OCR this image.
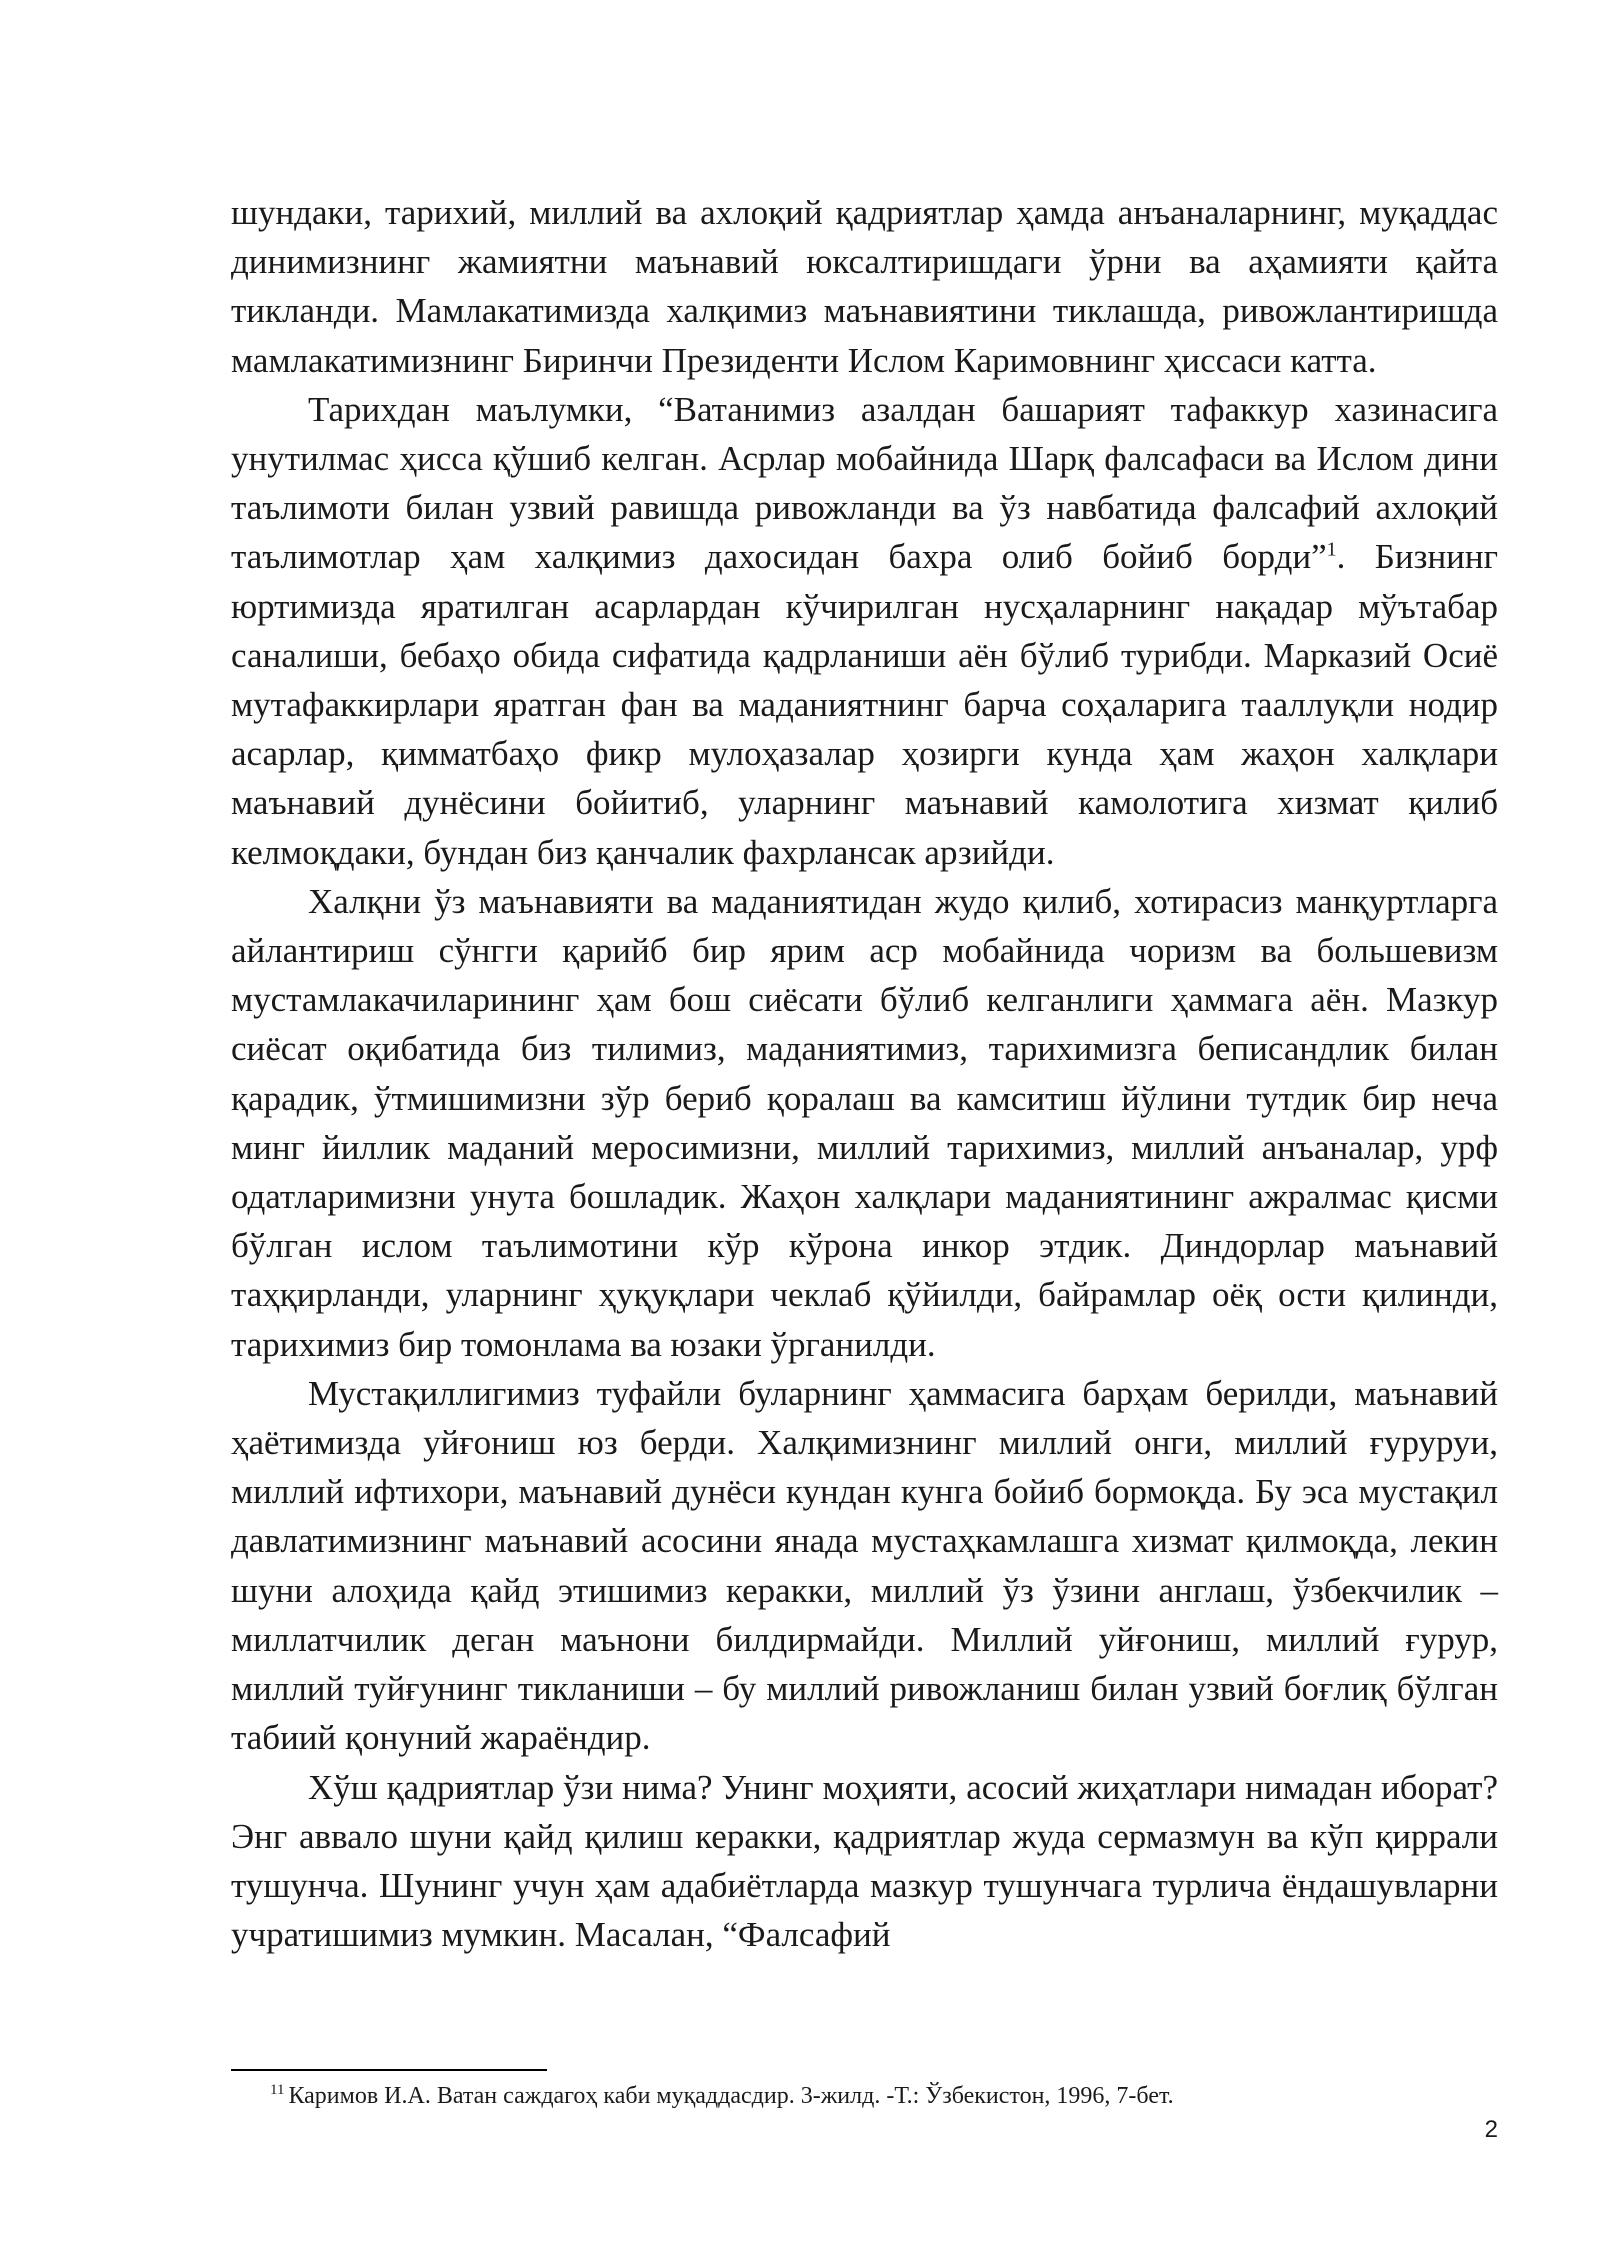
шундаки, тарихий, миллий ва ахлоқий қадриятлар ҳамда анъаналарнинг, муқаддас динимизнинг жамиятни маънавий юксалтиришдаги ўрни ва аҳамияти қайта тикланди. Мамлакатимизда халқимиз маънавиятини тиклашда, ривожлантиришда мамлакатимизнинг Биринчи Президенти Ислом Каримовнинг ҳиссаси катта.

Тарихдан маълумки, “Ватанимиз азалдан башарият тафаккур хазинасига унутилмас ҳисса қўшиб келган. Асрлар мобайнида Шарқ фалсафаси ва Ислом дини таълимоти билан узвий равишда ривожланди ва ўз навбатида фалсафий ахлоқий таълимотлар ҳам халқимиз дахосидан бахра олиб бойиб борди”$^1$. Бизнинг юртимизда яратилган асарлардан кўчирилган нусҳаларнинг нақадар мўътабар саналиши, бебаҳо обида сифатида қадрланиши аён бўлиб турибди. Марказий Осиё мутафаккирлари яратган фан ва маданиятнинг барча соҳаларига тааллуқли нодир асарлар, қимматбаҳо фикр мулоҳазалар ҳозирги кунда ҳам жаҳон халқлари маънавий дунёсини бойитиб, уларнинг маънавий камолотига хизмат қилиб келмоқдаки, бундан биз қанчалик фахрлансак арзийди.

Халқни ўз маънавияти ва маданиятидан жудо қилиб, хотирасиз манқуртларга айлантириш сўнгги қарийб бир ярим аср мобайнида чоризм ва большевизм мустамлакачиларининг ҳам бош сиёсати бўлиб келганлиги ҳаммага аён. Мазкур сиёсат оқибатида биз тилимиз, маданиятимиз, тарихимизга беписандлик билан қарадик, ўтмишимизни зўр бериб қоралаш ва камситиш йўлини тутдик бир неча минг йиллик маданий меросимизни, миллий тарихимиз, миллий анъаналар, урф одатларимизни унута бошладик. Жаҳон халқлари маданиятининг ажралмас қисми бўлган ислом таълимотини кўр кўрона инкор этдик. Диндорлар маънавий таҳқирланди, уларнинг ҳуқуқлари чеклаб қўйилди, байрамлар оёқ ости қилинди, тарихимиз бир томонлама ва юзаки ўрганилди.

Мустақиллигимиз туфайли буларнинг ҳаммасига барҳам берилди, маънавий ҳаётимизда уйғониш юз берди. Халқимизнинг миллий онги, миллий ғуруруи, миллий ифтихори, маънавий дунёси кундан кунга бойиб бормоқда. Бу эса мустақил давлатимизнинг маънавий асосини янада мустаҳкамлашга хизмат қилмоқда, лекин шуни алоҳида қайд этишимиз керакки, миллий ўз ўзини англаш, ўзбекчилик – миллатчилик деган маънони билдирмайди. Миллий уйғониш, миллий ғурур, миллий туйғунинг тикланиши – бу миллий ривожланиш билан узвий боғлиқ бўлган табиий қонуний жараёндир.

Хўш қадриятлар ўзи нима? Унинг моҳияти, асосий жиҳатлари нимадан иборат? Энг аввало шуни қайд қилиш керакки, қадриятлар жуда сермазмун ва кўп қиррали тушунча. Шунинг учун ҳам адабиётларда мазкур тушунчага турлича ёндашувларни учратишимиз мумкин. Масалан, “Фалсафий

$^{11}$ Каримов И.А. Ватан саждагоҳ каби муқаддасдир. 3-жилд. -Т.: Ўзбекистон, 1996, 7-бет.
2
